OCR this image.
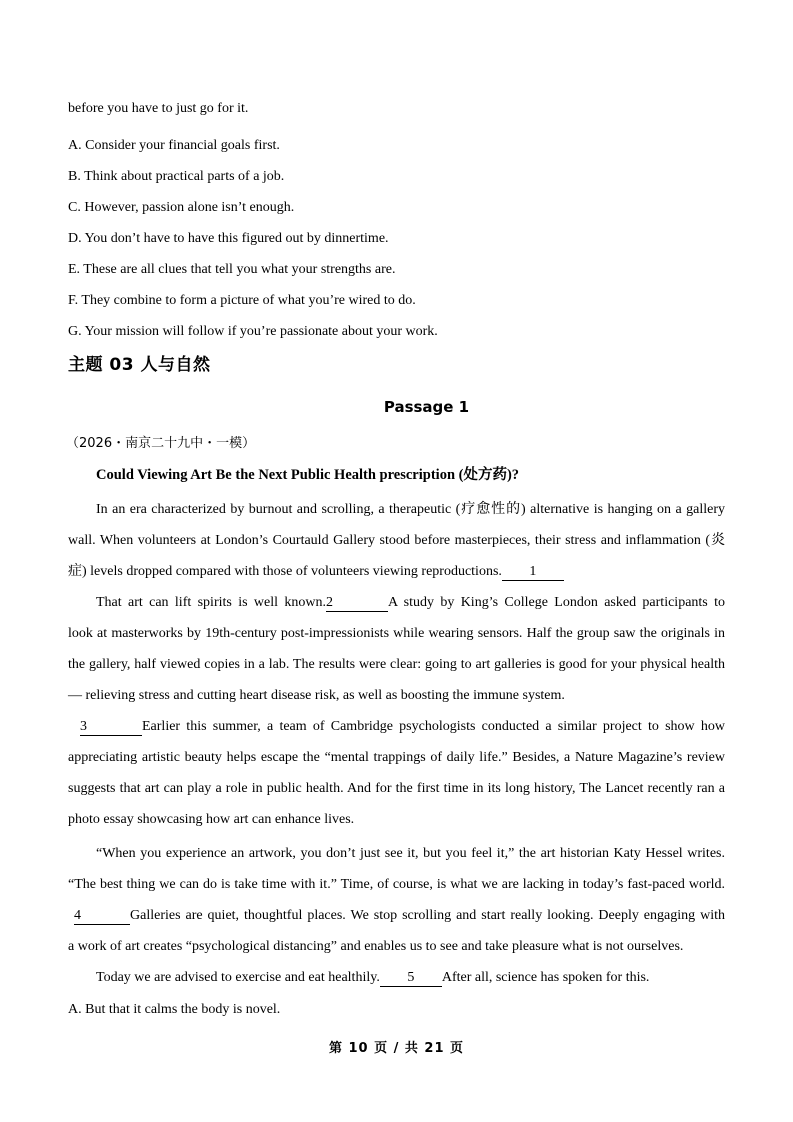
before you have to just go for it.
A. Consider your financial goals first.
B. Think about practical parts of a job.
C. However, passion alone isn’t enough.
D. You don’t have to have this figured out by dinnertime.
E. These are all clues that tell you what your strengths are.
F. They combine to form a picture of what you’re wired to do.
G. Your mission will follow if you’re passionate about your work.
主题 03 人与自然
Passage 1
（2026・南京二十九中・一模）
Could Viewing Art Be the Next Public Health prescription (处方药)?
In an era characterized by burnout and scrolling, a therapeutic (疗愈性的) alternative is hanging on a gallery
wall. When volunteers at London’s Courtauld Gallery stood before masterpieces, their stress and inflammation (炎
症) levels dropped compared with those of volunteers viewing reproductions. 1
That art can lift spirits is well known.2	A study by King’s College London asked participants to
look at masterworks by 19th-century post-impressionists while wearing sensors. Half the group saw the originals in
the gallery, half viewed copies in a lab. The results were clear: going to art galleries is good for your physical health
— relieving stress and cutting heart disease risk, as well as boosting the immune system.
3	Earlier this summer, a team of Cambridge psychologists conducted a similar project to show how
appreciating artistic beauty helps escape the “mental trappings of daily life.” Besides, a Nature Magazine’s review
suggests that art can play a role in public health. And for the first time in its long history, The Lancet recently ran a
photo essay showcasing how art can enhance lives.
“When you experience an artwork, you don’t just see it, but you feel it,” the art historian Katy Hessel writes.
“The best thing we can do is take time with it.” Time, of course, is what we are lacking in today’s fast-paced world.
4	Galleries are quiet, thoughtful places. We stop scrolling and start really looking. Deeply engaging with
a work of art creates “psychological distancing” and enables us to see and take pleasure what is not ourselves.
Today we are advised to exercise and eat healthily. 5 After all, science has spoken for this.
A. But that it calms the body is novel.
第 10 页 / 共 21 页
